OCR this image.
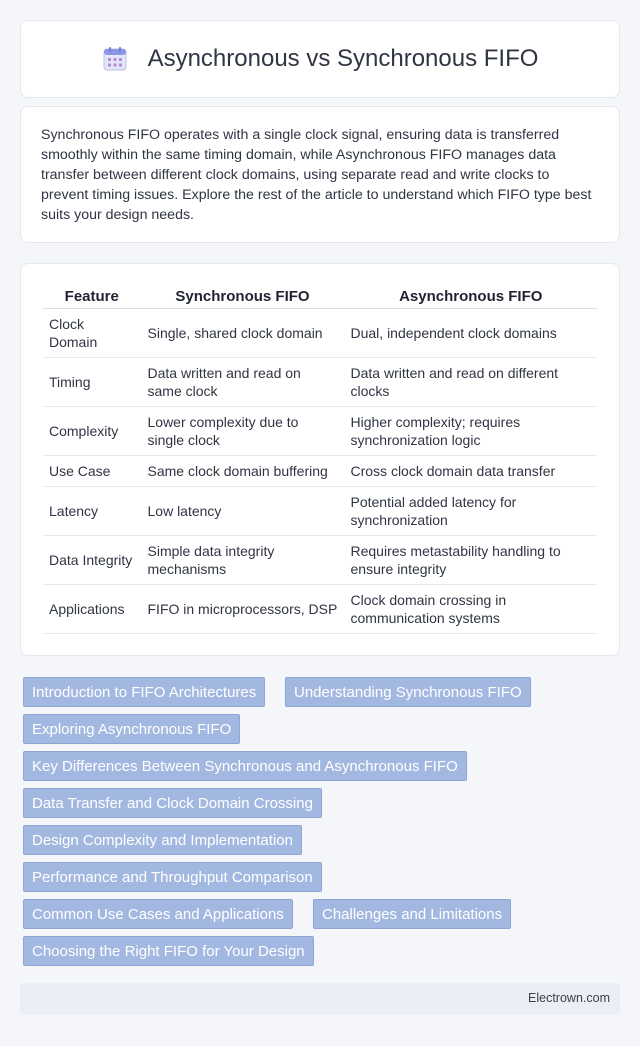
Asynchronous vs Synchronous FIFO

Synchronous FIFO operates with a single clock signal, ensuring data is transferred smoothly within the same timing domain, while Asynchronous FIFO manages data transfer between different clock domains, using separate read and write clocks to prevent timing issues. Explore the rest of the article to understand which FIFO type best suits your design needs.

Feature	Synchronous FIFO	Asynchronous FIFO
Clock Domain	Single, shared clock domain	Dual, independent clock domains
Timing	Data written and read on same clock	Data written and read on different clocks
Complexity	Lower complexity due to single clock	Higher complexity; requires synchronization logic
Use Case	Same clock domain buffering	Cross clock domain data transfer
Latency	Low latency	Potential added latency for synchronization
Data Integrity	Simple data integrity mechanisms	Requires metastability handling to ensure integrity
Applications	FIFO in microprocessors, DSP	Clock domain crossing in communication systems
Introduction to FIFO Architectures	Understanding Synchronous FIFO
Exploring Asynchronous FIFO
Key Differences Between Synchronous and Asynchronous FIFO
Data Transfer and Clock Domain Crossing
Design Complexity and Implementation
Performance and Throughput Comparison
Common Use Cases and Applications	Challenges and Limitations
Choosing the Right FIFO for Your Design
Electrown.com
